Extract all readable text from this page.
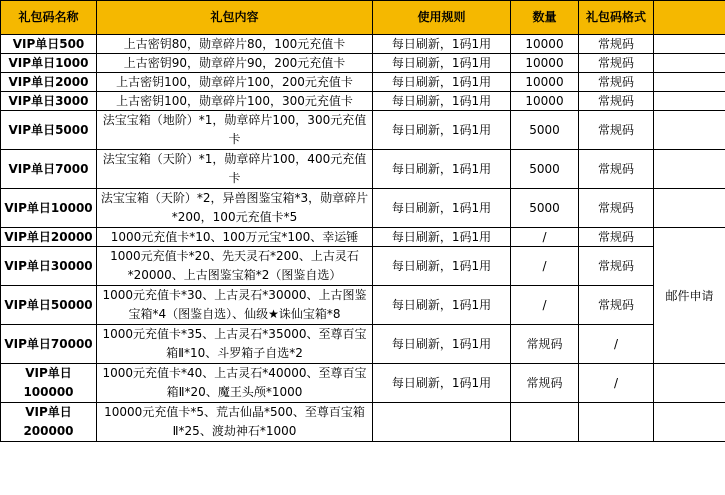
礼包码名称	礼包内容	使用规则	数量	礼包码格式	
VIP单日500	上古密钥80，勋章碎片80，100元充值卡	每日刷新，1码1用	10000	常规码	
VIP单日1000	上古密钥90，勋章碎片90，200元充值卡	每日刷新，1码1用	10000	常规码	
VIP单日2000	上古密钥100，勋章碎片100，200元充值卡	每日刷新，1码1用	10000	常规码	
VIP单日3000	上古密钥100，勋章碎片100，300元充值卡	每日刷新，1码1用	10000	常规码	
VIP单日5000	法宝宝箱（地阶）*1，勋章碎片100，300元充值卡	每日刷新，1码1用	5000	常规码	
VIP单日7000	法宝宝箱（天阶）*1，勋章碎片100，400元充值卡	每日刷新，1码1用	5000	常规码	
VIP单日10000	法宝宝箱（天阶）*2，异兽图鉴宝箱*3，勋章碎片*200，100元充值卡*5	每日刷新，1码1用	5000	常规码	
VIP单日20000	1000元充值卡*10、100万元宝*100、幸运锤	每日刷新，1码1用	/	常规码	邮件申请
VIP单日30000	1000元充值卡*20、先天灵石*200、上古灵石*20000、上古图鉴宝箱*2（图鉴自选）	每日刷新，1码1用	/	常规码	
VIP单日50000	1000元充值卡*30、上古灵石*30000、上古图鉴宝箱*4（图鉴自选）、仙级★诛仙宝箱*8	每日刷新，1码1用	/	常规码	
VIP单日70000	1000元充值卡*35、上古灵石*35000、至尊百宝箱Ⅱ*10、斗罗箱子自选*2	每日刷新，1码1用	常规码	/	
VIP单日100000	1000元充值卡*40、上古灵石*40000、至尊百宝箱Ⅱ*20、魔王头颅*1000	每日刷新，1码1用	常规码	/	
VIP单日200000	10000元充值卡*5、荒古仙晶*500、至尊百宝箱Ⅱ*25、渡劫神石*1000				
